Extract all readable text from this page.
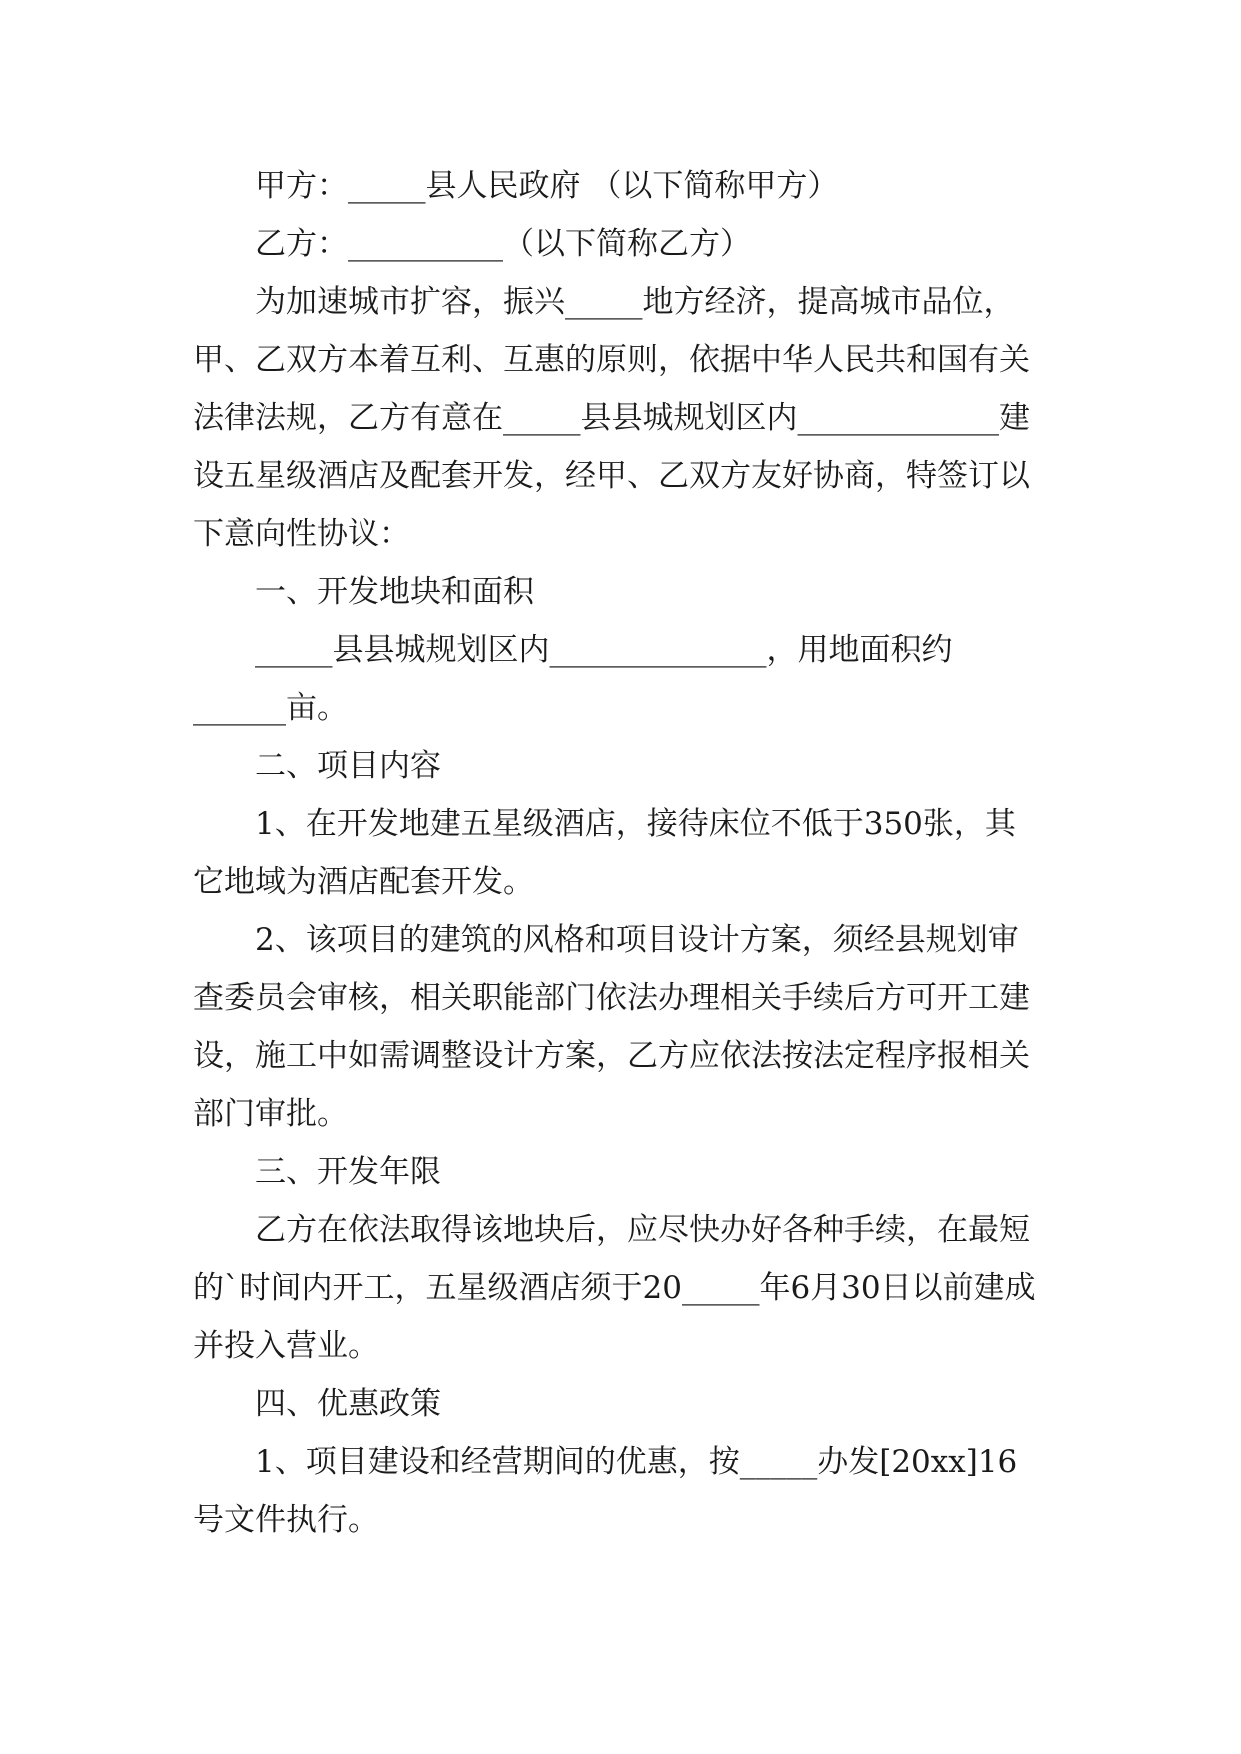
甲方：_____县人民政府 （以下简称甲方）

乙方：__________（以下简称乙方）

为加速城市扩容，振兴_____地方经济，提高城市品位，甲、乙双方本着互利、互惠的原则，依据中华人民共和国有关法律法规，乙方有意在_____县县城规划区内_____________建设五星级酒店及配套开发，经甲、乙双方友好协商，特签订以下意向性协议：

一、开发地块和面积

_____县县城规划区内______________，用地面积约______亩。

二、项目内容

1、在开发地建五星级酒店，接待床位不低于350张，其它地域为酒店配套开发。

2、该项目的建筑的风格和项目设计方案，须经县规划审查委员会审核，相关职能部门依法办理相关手续后方可开工建设，施工中如需调整设计方案，乙方应依法按法定程序报相关部门审批。

三、开发年限

乙方在依法取得该地块后，应尽快办好各种手续，在最短的`时间内开工，五星级酒店须于20_____年6月30日以前建成并投入营业。

四、优惠政策

1、项目建设和经营期间的优惠，按_____办发[20xx]16号文件执行。
